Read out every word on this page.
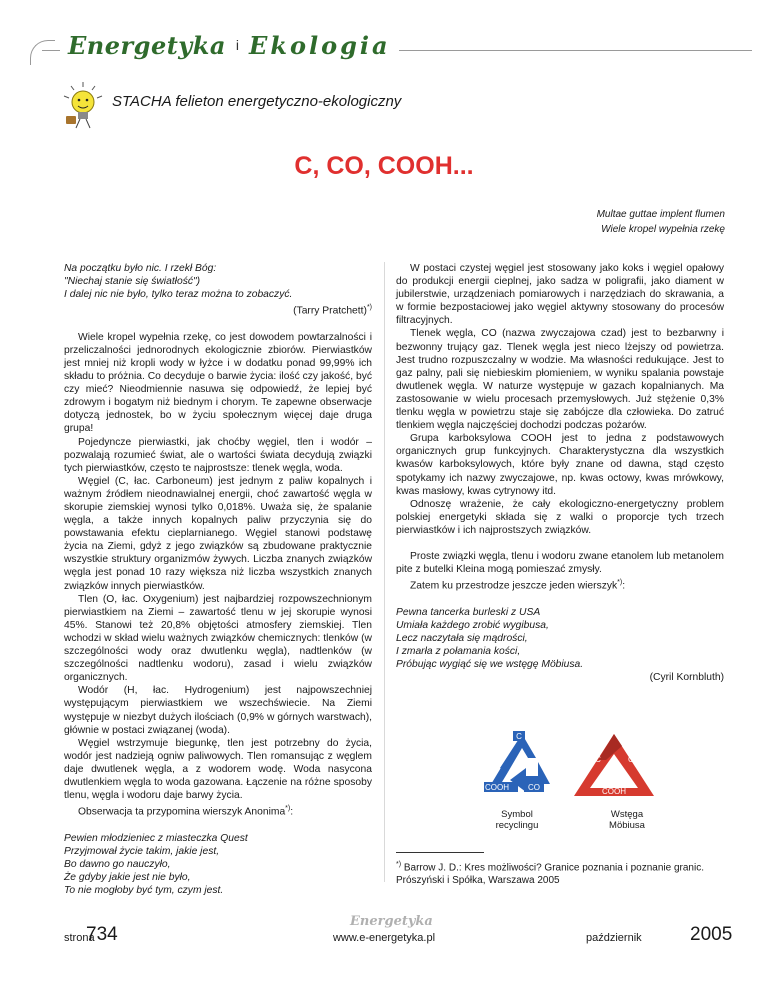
Energetyka i Ekologia
STACHA felieton energetyczno-ekologiczny
C, CO, COOH...
Multae guttae implent flumen
Wiele kropel wypełnia rzekę

Na początku było nic. I rzekł Bóg:

"Niechaj stanie się światłość")

I dalej nic nie było, tylko teraz można to zobaczyć.

(Tarry Pratchett)*)

Wiele kropel wypełnia rzekę, co jest dowodem powtarzalności i przeliczalności jednorodnych ekologicznie zbiorów. Pierwiastków jest mniej niż kropli wody w łyżce i w dodatku ponad 99,99% ich składu to próżnia. Co decyduje o barwie życia: ilość czy jakość, być czy mieć? Nieodmiennie nasuwa się odpowiedź, że lepiej być zdrowym i bogatym niż biednym i chorym. Te zapewne obserwacje dotyczą jednostek, bo w życiu społecznym więcej daje druga grupa!

Pojedyncze pierwiastki, jak choćby węgiel, tlen i wodór – pozwalają rozumieć świat, ale o wartości świata decydują związki tych pierwiastków, często te najprostsze: tlenek węgla, woda.

Węgiel (C, łac. Carboneum) jest jednym z paliw kopalnych i ważnym źródłem nieodnawialnej energii, choć zawartość węgla w skorupie ziemskiej wynosi tylko 0,018%. Uważa się, że spalanie węgla, a także innych kopalnych paliw przyczynia się do powstawania efektu cieplarnianego. Węgiel stanowi podstawę życia na Ziemi, gdyż z jego związków są zbudowane praktycznie wszystkie struktury organizmów żywych. Liczba znanych związków węgla jest ponad 10 razy większa niż liczba wszystkich znanych związków innych pierwiastków.

Tlen (O, łac. Oxygenium) jest najbardziej rozpowszechnionym pierwiastkiem na Ziemi – zawartość tlenu w jej skorupie wynosi 45%. Stanowi też 20,8% objętości atmosfery ziemskiej. Tlen wchodzi w skład wielu ważnych związków chemicznych: tlenków (w szczególności wody oraz dwutlenku węgla), nadtlenków (w szczególności nadtlenku wodoru), zasad i wielu związków organicznych.

Wodór (H, łac. Hydrogenium) jest najpowszechniej występującym pierwiastkiem we wszechświecie. Na Ziemi występuje w niezbyt dużych ilościach (0,9% w górnych warstwach), głównie w postaci związanej (woda).

Węgiel wstrzymuje biegunkę, tlen jest potrzebny do życia, wodór jest nadzieją ogniw paliwowych. Tlen romansując z węglem daje dwutlenek węgla, a z wodorem wodę. Woda nasycona dwutlenkiem węgla to woda gazowana. Łączenie na różne sposoby tlenu, węgla i wodoru daje barwy życia.

Obserwacja ta przypomina wierszyk Anonima*):

Pewien młodzieniec z miasteczka Quest

Przyjmował życie takim, jakie jest,

Bo dawno go nauczyło,

Że gdyby jakie jest nie było,

To nie mogłoby być tym, czym jest.

W postaci czystej węgiel jest stosowany jako koks i węgiel opałowy do produkcji energii cieplnej, jako sadza w poligrafii, jako diament w jubilerstwie, urządzeniach pomiarowych i narzędziach do skrawania, a w formie bezpostaciowej jako węgiel aktywny stosowany do procesów filtracyjnych.

Tlenek węgla, CO (nazwa zwyczajowa czad) jest to bezbarwny i bezwonny trujący gaz. Tlenek węgla jest nieco lżejszy od powietrza. Jest trudno rozpuszczalny w wodzie. Ma własności redukujące. Jest to gaz palny, pali się niebieskim płomieniem, w wyniku spalania powstaje dwutlenek węgla. W naturze występuje w gazach kopalnianych. Ma zastosowanie w wielu procesach przemysłowych. Już stężenie 0,3% tlenku węgla w powietrzu staje się zabójcze dla człowieka. Do zatruć tlenkiem węgla najczęściej dochodzi podczas pożarów.

Grupa karboksylowa COOH jest to jedna z podstawowych organicznych grup funkcyjnych. Charakterystyczna dla wszystkich kwasów karboksylowych, które były znane od dawna, stąd często spotykamy ich nazwy zwyczajowe, np. kwas octowy, kwas mrówkowy, kwas masłowy, kwas cytrynowy itd.

Odnoszę wrażenie, że cały ekologiczno-energetyczny problem polskiej energetyki składa się z walki o proporcje tych trzech pierwiastków i ich najprostszych związków.

Proste związki węgla, tlenu i wodoru zwane etanolem lub metanolem pite z butelki Kleina mogą pomieszać zmysły.

Zatem ku przestrodze jeszcze jeden wierszyk*):

Pewna tancerka burleski z USA

Umiała każdego zrobić wygibusa,

Lecz naczytała się mądrości,

I zmarła z połamania kości,

Próbując wygiąć się we wstęgę Möbiusa.

(Cyril Kornbluth)

C
COOH CO
C	CO
COOH
Symbol
recyclingu
Wstęga
Möbiusa
*) Barrow J. D.: Kres możliwości? Granice poznania i poznanie granic. Prószyński i Spółka, Warszawa 2005
strona
734
Energetyka
www.e-energetyka.pl	październik	2005
